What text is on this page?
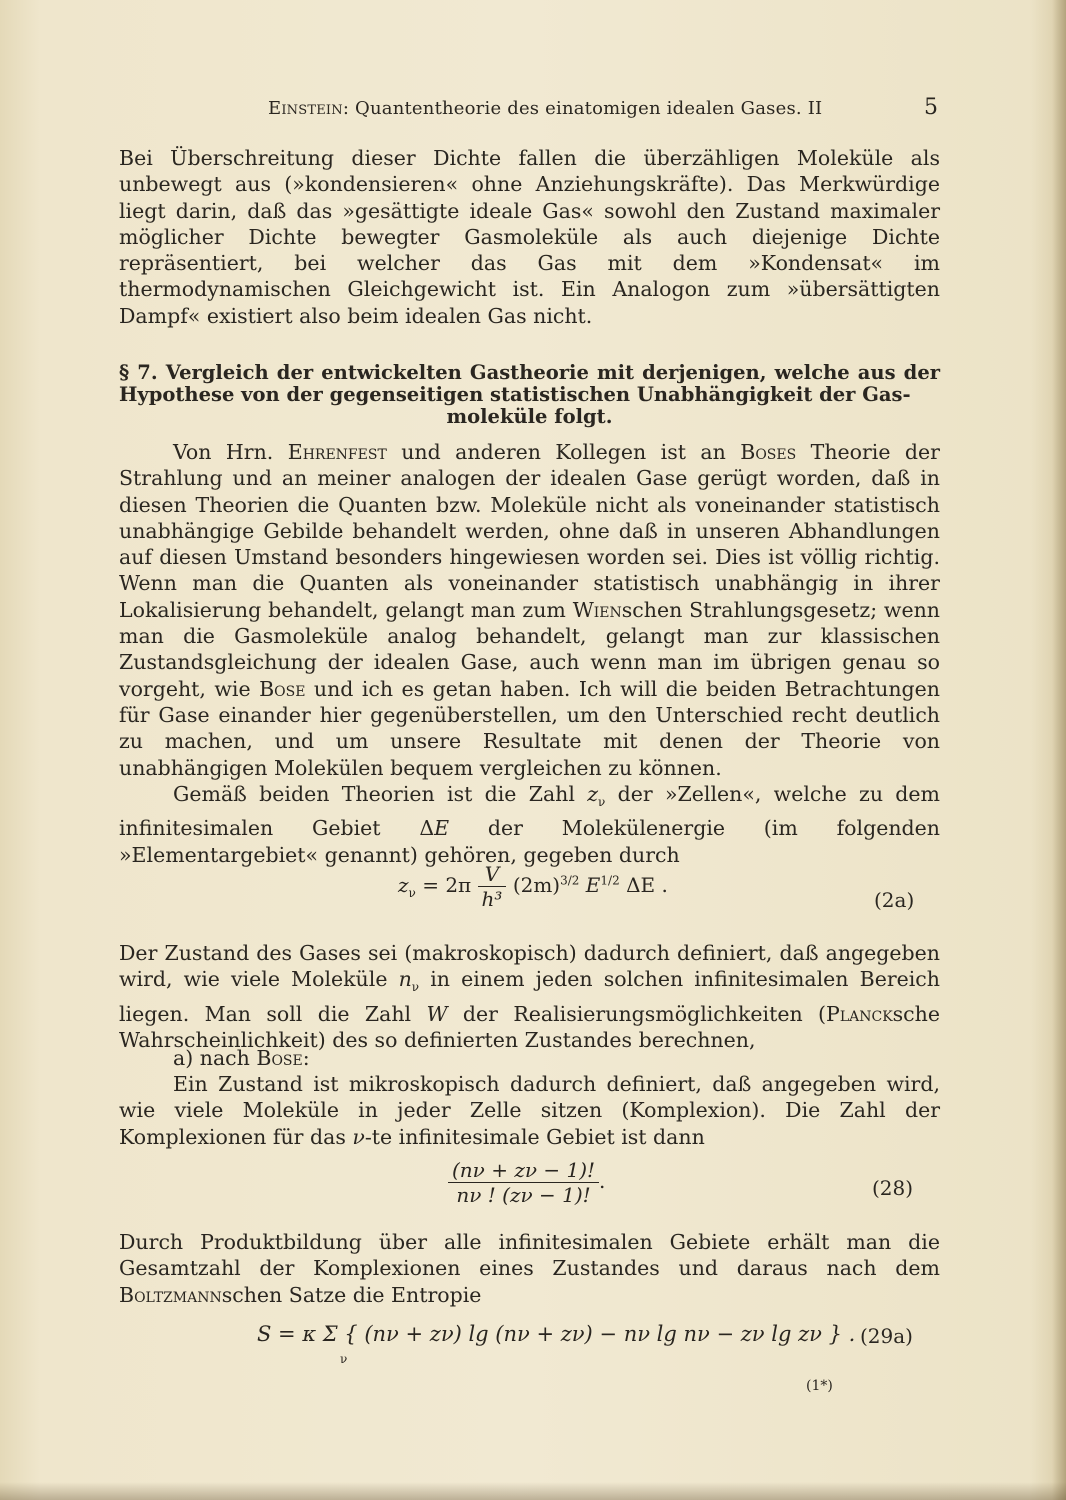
Einstein: Quantentheorie des einatomigen idealen Gases. II	5

Bei Überschreitung dieser Dichte fallen die überzähligen Moleküle als unbewegt aus (»kondensieren« ohne Anziehungskräfte). Das Merkwürdige liegt darin, daß das »gesättigte ideale Gas« sowohl den Zustand maximaler möglicher Dichte bewegter Gasmoleküle als auch diejenige Dichte repräsentiert, bei welcher das Gas mit dem »Kondensat« im thermodynamischen Gleichgewicht ist. Ein Analogon zum »übersättigten Dampf« existiert also beim idealen Gas nicht.

§ 7. Vergleich der entwickelten Gastheorie mit derjenigen, welche aus der Hypothese von der gegenseitigen statistischen Unabhängigkeit der Gas-
moleküle folgt.

Von Hrn. Ehrenfest und anderen Kollegen ist an Boses Theorie der Strahlung und an meiner analogen der idealen Gase gerügt worden, daß in diesen Theorien die Quanten bzw. Moleküle nicht als voneinander statistisch unabhängige Gebilde behandelt werden, ohne daß in unseren Abhandlungen auf diesen Umstand besonders hingewiesen worden sei. Dies ist völlig richtig. Wenn man die Quanten als voneinander statistisch unabhängig in ihrer Lokalisierung behandelt, gelangt man zum Wienschen Strahlungsgesetz; wenn man die Gasmoleküle analog behandelt, gelangt man zur klassischen Zustandsgleichung der idealen Gase, auch wenn man im übrigen genau so vorgeht, wie Bose und ich es getan haben. Ich will die beiden Betrachtungen für Gase einander hier gegenüberstellen, um den Unterschied recht deutlich zu machen, und um unsere Resultate mit denen der Theorie von unabhängigen Molekülen bequem vergleichen zu können.

Gemäß beiden Theorien ist die Zahl $z_\nu$ der »Zellen«, welche zu dem infinitesimalen Gebiet ΔE der Molekülenergie (im folgenden »Elementargebiet« genannt) gehören, gegeben durch

$z_\nu = 2\pi \frac{V}{\text{h³}} (2m)^{3/2}$ $E^{1/2}$ ΔE .
(2a)

Der Zustand des Gases sei (makroskopisch) dadurch definiert, daß angegeben wird, wie viele Moleküle $n_\nu$ in einem jeden solchen infinitesimalen Bereich liegen. Man soll die Zahl W der Realisierungsmöglichkeiten (Plancksche Wahrscheinlichkeit) des so definierten Zustandes berechnen,

a) nach Bose:

Ein Zustand ist mikroskopisch dadurch definiert, daß angegeben wird, wie viele Moleküle in jeder Zelle sitzen (Komplexion). Die Zahl der Komplexionen für das ν-te infinitesimale Gebiet ist dann

$\frac{(n\nu + z\nu - 1)!}{n\nu ! (z\nu - 1)!}$ .	(28)

Durch Produktbildung über alle infinitesimalen Gebiete erhält man die Gesamtzahl der Komplexionen eines Zustandes und daraus nach dem Boltzmannschen Satze die Entropie

S = κ Σ { (nν + zν) lg (nν + zν) − nν lg nν − zν lg zν } .
ν
(29a)
(1*)
